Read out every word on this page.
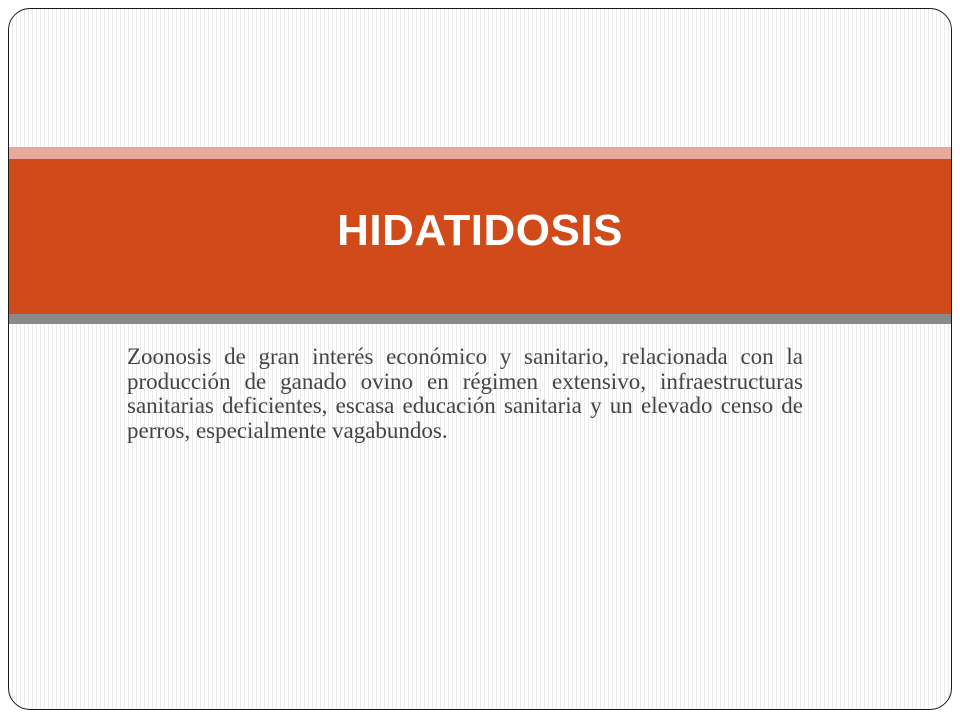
HIDATIDOSIS

Zoonosis de gran interés económico y sanitario, relacionada con la producción de ganado ovino en régimen extensivo, infraestructuras sanitarias deficientes, escasa educación sanitaria y un elevado censo de perros, especialmente vagabundos.
